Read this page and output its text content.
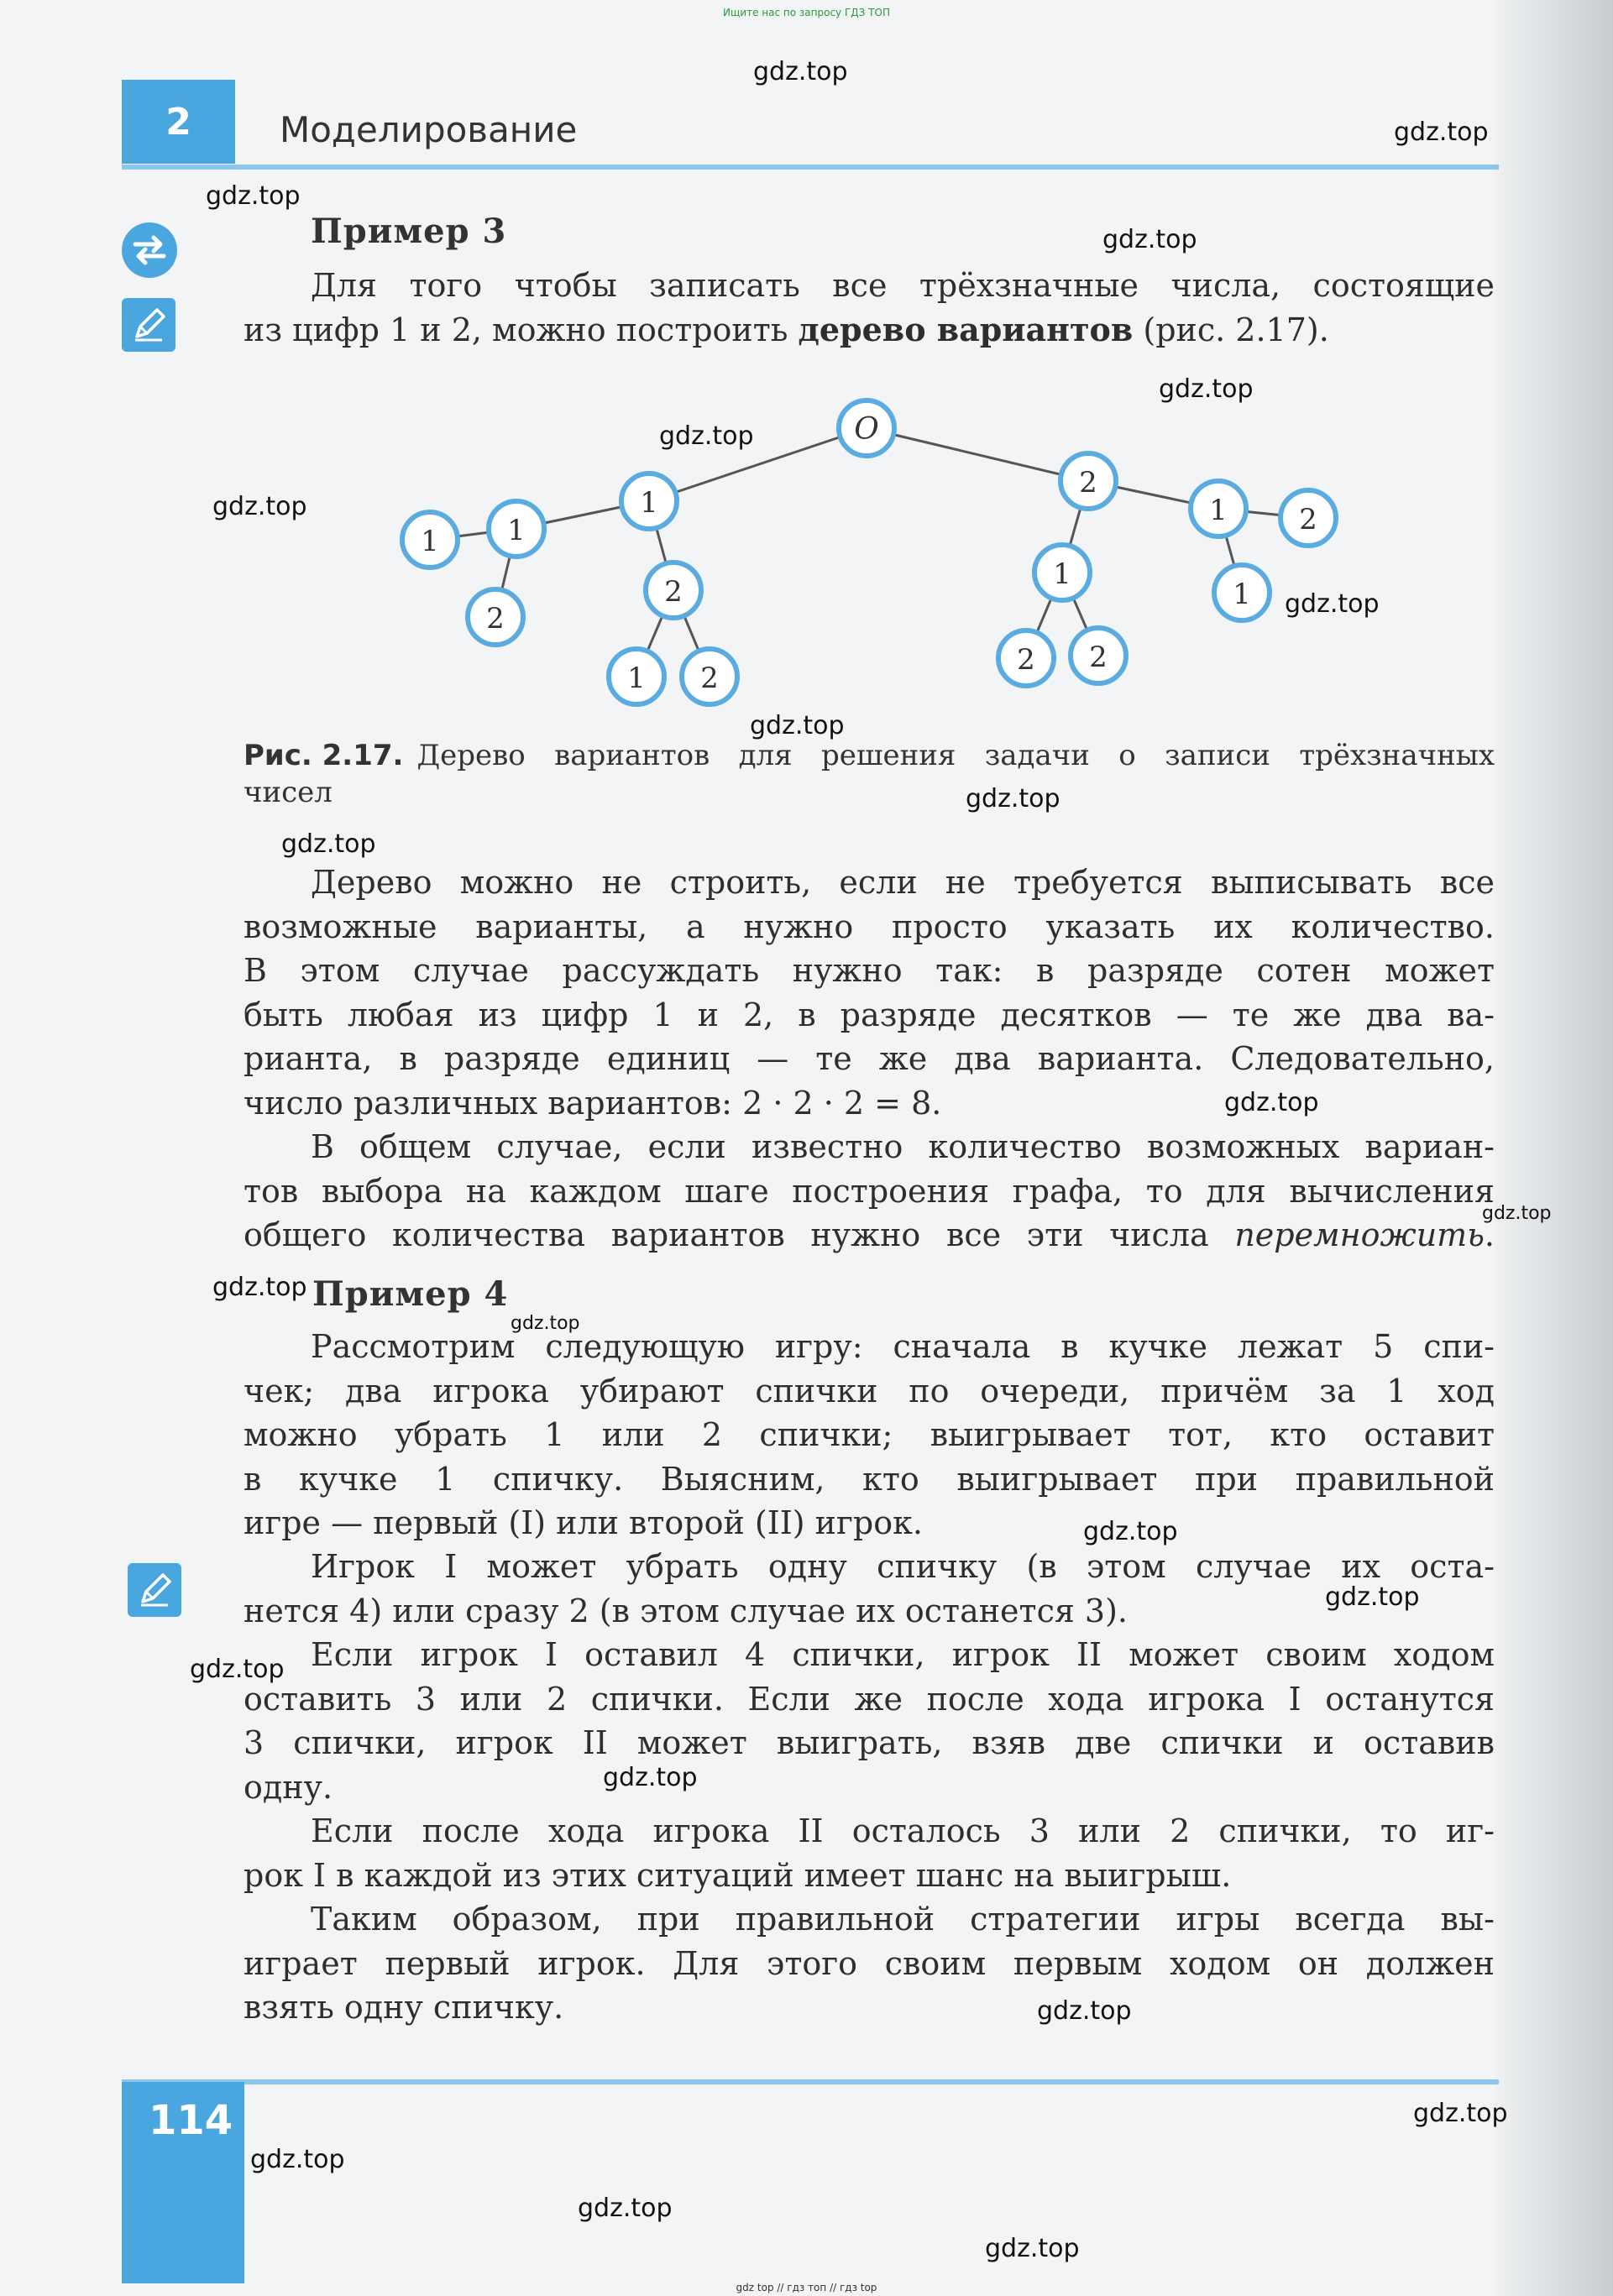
Ищите нас по запросу ГДЗ ТОП
2	Моделирование
Пример 3
Для того чтобы записать все трёхзначные числа, состоящие
из цифр 1 и 2, можно построить дерево вариантов (рис. 2.17).
O
1
1
1
2
2
1 2
2
1
2 2
1
1
2
Рис. 2.17. Дерево вариантов для решения задачи о записи трёхзначных
чисел
Дерево можно не строить, если не требуется выписывать все
возможные варианты, а нужно просто указать их количество.
В этом случае рассуждать нужно так: в разряде сотен может
быть любая из цифр 1 и 2, в разряде десятков — те же два ва-
рианта, в разряде единиц — те же два варианта. Следовательно,
число различных вариантов: 2 · 2 · 2 = 8.
В общем случае, если известно количество возможных вариан-
тов выбора на каждом шаге построения графа, то для вычисления
общего количества вариантов нужно все эти числа перемножить.
Пример 4
Рассмотрим следующую игру: сначала в кучке лежат 5 спи-
чек; два игрока убирают спички по очереди, причём за 1 ход
можно убрать 1 или 2 спички; выигрывает тот, кто оставит
в кучке 1 спичку. Выясним, кто выигрывает при правильной
игре — первый (I) или второй (II) игрок.
Игрок I может убрать одну спичку (в этом случае их оста-
нется 4) или сразу 2 (в этом случае их останется 3).
Если игрок I оставил 4 спички, игрок II может своим ходом
оставить 3 или 2 спички. Если же после хода игрока I останутся
3 спички, игрок II может выиграть, взяв две спички и оставив
одну.
Если после хода игрока II осталось 3 или 2 спички, то иг-
рок I в каждой из этих ситуаций имеет шанс на выигрыш.
Таким образом, при правильной стратегии игры всегда вы-
играет первый игрок. Для этого своим первым ходом он должен
взять одну спичку.
114
gdz.top
gdz.top
gdz.top
gdz.top
gdz.top
gdz.top
gdz.top
gdz.top
gdz.top
gdz.top
gdz.top
gdz.top
gdz.top
gdz.top
gdz.top
gdz.top
gdz.top
gdz.top
gdz.top
gdz.top
gdz.top
gdz.top
gdz.top
gdz.top
gdz top // гдз топ // гдз top
